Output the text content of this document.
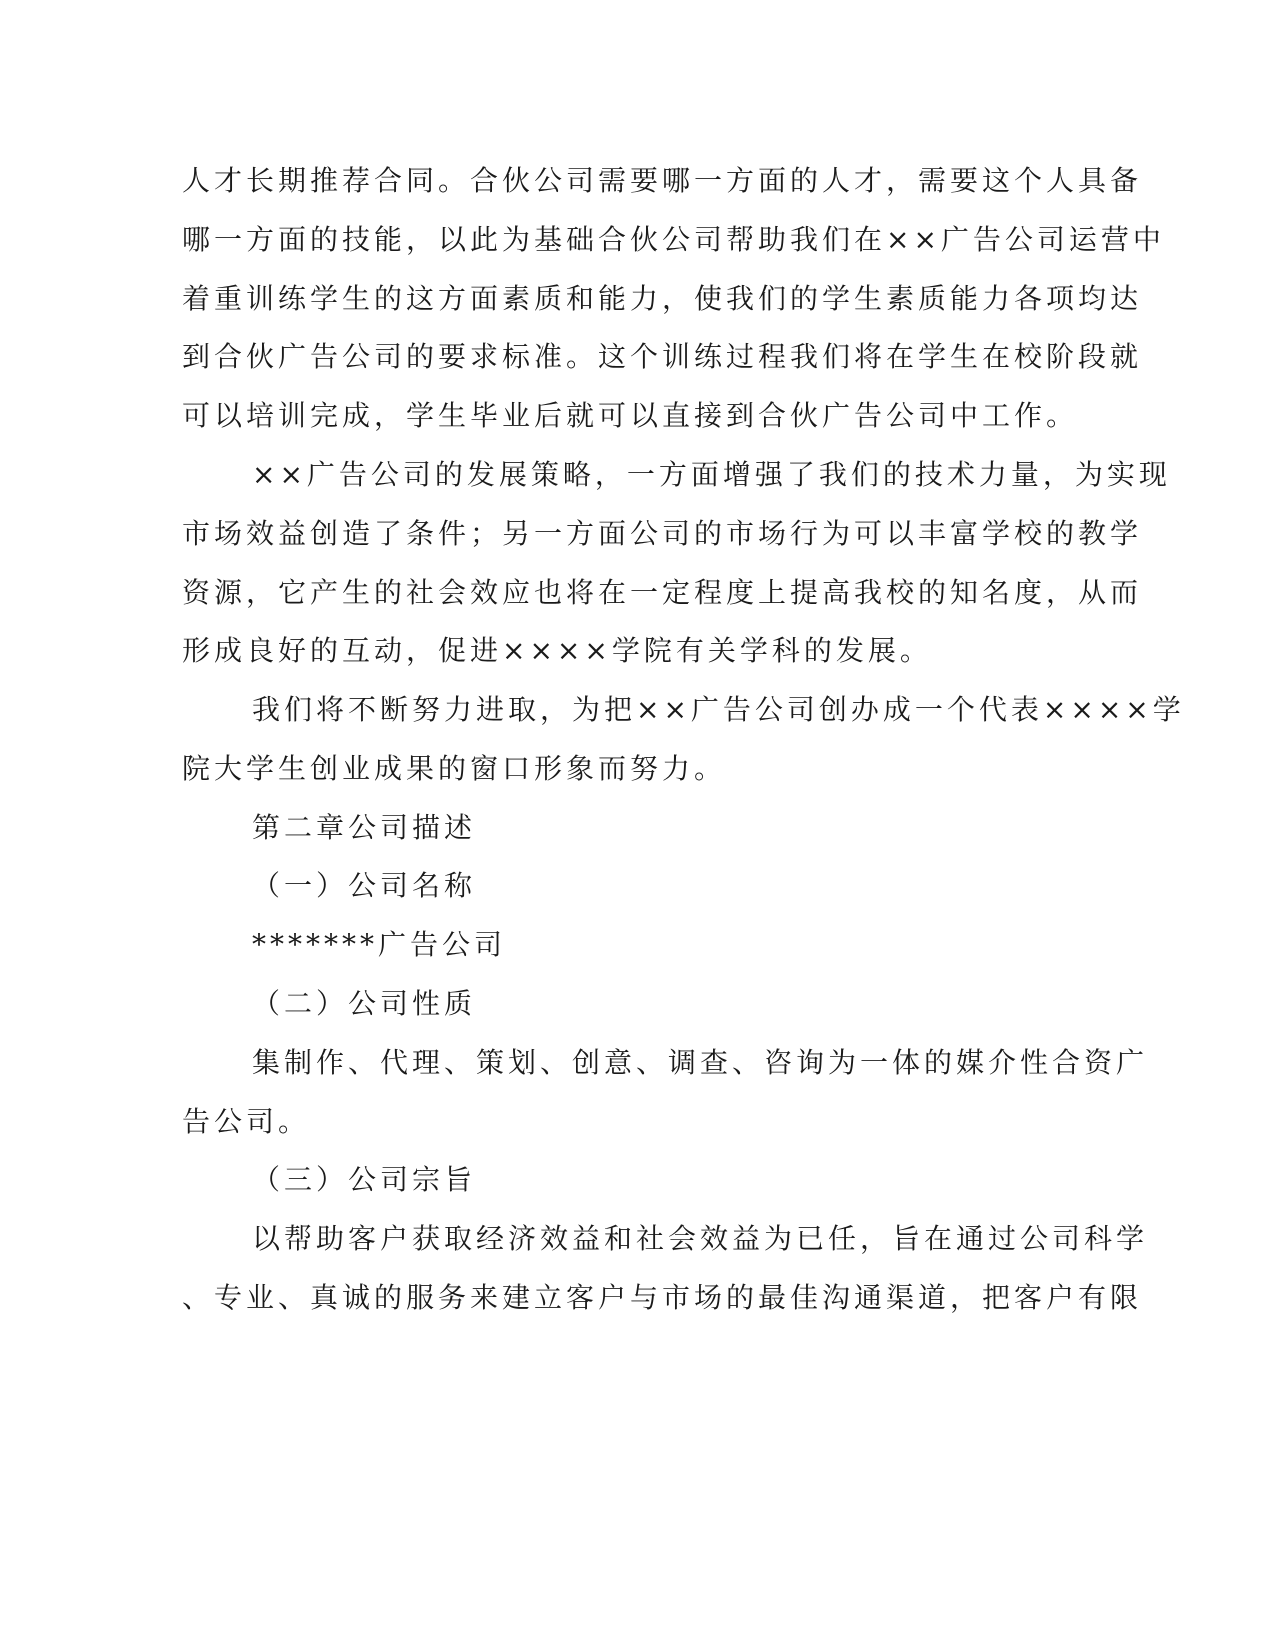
人才长期推荐合同。合伙公司需要哪一方面的人才，需要这个人具备
哪一方面的技能，以此为基础合伙公司帮助我们在××广告公司运营中
着重训练学生的这方面素质和能力，使我们的学生素质能力各项均达
到合伙广告公司的要求标准。这个训练过程我们将在学生在校阶段就
可以培训完成，学生毕业后就可以直接到合伙广告公司中工作。
××广告公司的发展策略，一方面增强了我们的技术力量，为实现
市场效益创造了条件；另一方面公司的市场行为可以丰富学校的教学
资源，它产生的社会效应也将在一定程度上提高我校的知名度，从而
形成良好的互动，促进××××学院有关学科的发展。
我们将不断努力进取，为把××广告公司创办成一个代表××××学
院大学生创业成果的窗口形象而努力。
第二章公司描述
（一）公司名称
*******广告公司
（二）公司性质
集制作、代理、策划、创意、调查、咨询为一体的媒介性合资广
告公司。
（三）公司宗旨
以帮助客户获取经济效益和社会效益为已任，旨在通过公司科学
、专业、真诚的服务来建立客户与市场的最佳沟通渠道，把客户有限
